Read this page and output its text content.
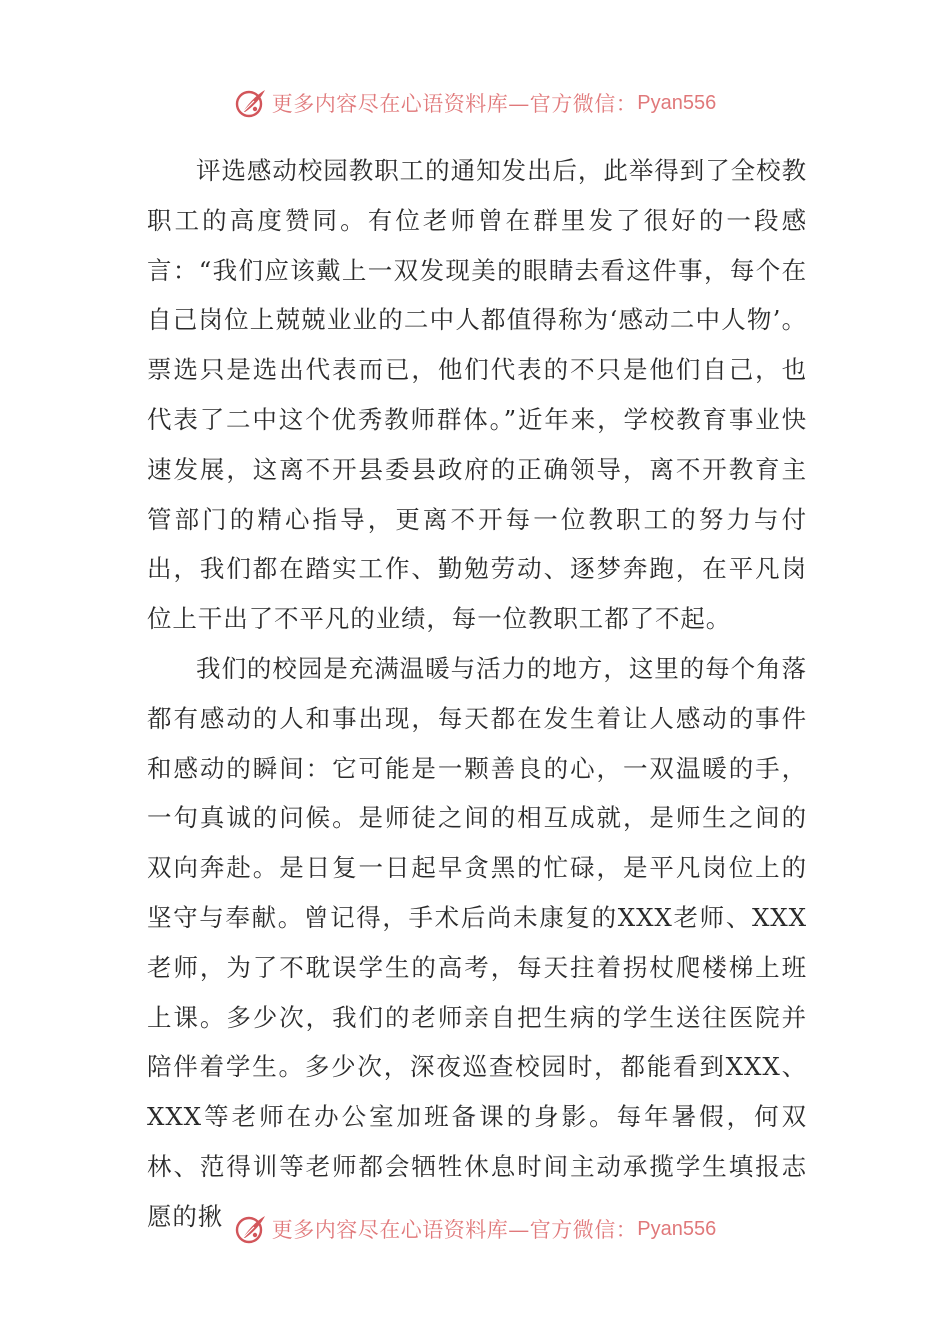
更多内容尽在心语资料库—官方微信： Pyan556

评选感动校园教职工的通知发出后，此举得到了全校教职工的高度赞同。有位老师曾在群里发了很好的一段感言：“我们应该戴上一双发现美的眼睛去看这件事，每个在自己岗位上兢兢业业的二中人都值得称为‘感动二中人物’。票选只是选出代表而已，他们代表的不只是他们自己，也代表了二中这个优秀教师群体。”近年来，学校教育事业快速发展，这离不开县委县政府的正确领导，离不开教育主管部门的精心指导，更离不开每一位教职工的努力与付出，我们都在踏实工作、勤勉劳动、逐梦奔跑，在平凡岗位上干出了不平凡的业绩，每一位教职工都了不起。

我们的校园是充满温暖与活力的地方，这里的每个角落都有感动的人和事出现，每天都在发生着让人感动的事件和感动的瞬间：它可能是一颗善良的心，一双温暖的手，一句真诚的问候。是师徒之间的相互成就，是师生之间的双向奔赴。是日复一日起早贪黑的忙碌，是平凡岗位上的坚守与奉献。曾记得，手术后尚未康复的XXX老师、XXX老师，为了不耽误学生的高考，每天拄着拐杖爬楼梯上班上课。多少次，我们的老师亲自把生病的学生送往医院并陪伴着学生。多少次，深夜巡查校园时，都能看到XXX、XXX等老师在办公室加班备课的身影。每年暑假，何双林、范得训等老师都会牺牲休息时间主动承揽学生填报志愿的揪	更多内容尽在心语资料库—官方微信： Pyan556
